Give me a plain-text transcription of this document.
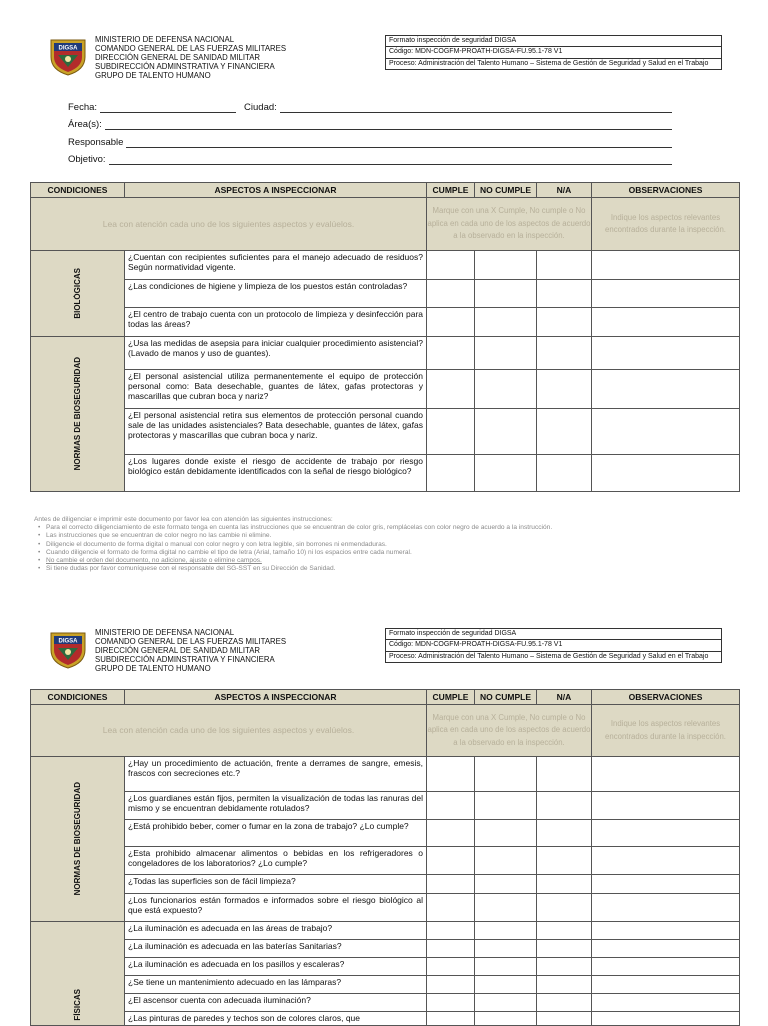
DIGSA
MINISTERIO DE DEFENSA NACIONAL
COMANDO GENERAL DE LAS FUERZAS MILITARES
DIRECCIÓN GENERAL DE SANIDAD MILITAR
SUBDIRECCIÓN ADMINSTRATIVA Y FINANCIERA
GRUPO DE TALENTO HUMANO
Formato inspección de seguridad DIGSA
Código: MDN-COGFM-PROATH-DIGSA-FU.95.1-78 V1
Proceso: Administración del Talento Humano – Sistema de Gestión de Seguridad y Salud en el Trabajo
Fecha:	Ciudad:
Área(s):
Responsable
Objetivo:
CONDICIONES	ASPECTOS A INSPECCIONAR	CUMPLE	NO CUMPLE	N/A	OBSERVACIONES
Lea con atención cada uno de los siguientes aspectos y evalúelos.		Marque con una X Cumple, No cumple o No aplica en cada uno de los aspectos de acuerdo a la observado en la inspección.			Indique los aspectos relevantes encontrados durante la inspección.

BIOLÓGICAS	¿Cuentan con recipientes suficientes para el manejo adecuado de residuos? Según normatividad vigente.				
	¿Las condiciones de higiene y limpieza de los puestos están controladas?				
	¿El centro de trabajo cuenta con un protocolo de limpieza y desinfección para todas las áreas?				

NORMAS DE BIOSEGURIDAD	¿Usa las medidas de asepsia para iniciar cualquier procedimiento asistencial? (Lavado de manos y uso de guantes).				
	¿El personal asistencial utiliza permanentemente el equipo de protección personal como: Bata desechable, guantes de látex, gafas protectoras y mascarillas que cubran boca y nariz?				
	¿El personal asistencial retira sus elementos de protección personal cuando sale de las unidades asistenciales? Bata desechable, guantes de látex, gafas protectoras y mascarillas que cubran boca y nariz.				
	¿Los lugares donde existe el riesgo de accidente de trabajo por riesgo biológico están debidamente identificados con la señal de riesgo biológico?				
Antes de diligenciar e imprimir este documento por favor lea con atención las siguientes instrucciones:
• Para el correcto diligenciamiento de este formato tenga en cuenta las instrucciones que se encuentran de color gris, remplácelas con color negro de acuerdo a la instrucción.
• Las instrucciones que se encuentran de color negro no las cambie ni elimine.
• Diligencie el documento de forma digital o manual con color negro y con letra legible, sin borrones ni enmendaduras.
• Cuando diligencie el formato de forma digital no cambie el tipo de letra (Arial, tamaño 10) ni los espacios entre cada numeral.
• No cambie el orden del documento, no adicione, ajuste o elimine campos.
• Si tiene dudas por favor comuníquese con el responsable del SG-SST en su Dirección de Sanidad.
DIGSA
MINISTERIO DE DEFENSA NACIONAL
COMANDO GENERAL DE LAS FUERZAS MILITARES
DIRECCIÓN GENERAL DE SANIDAD MILITAR
SUBDIRECCIÓN ADMINSTRATIVA Y FINANCIERA
GRUPO DE TALENTO HUMANO
Formato inspección de seguridad DIGSA
Código: MDN-COGFM-PROATH-DIGSA-FU.95.1-78 V1
Proceso: Administración del Talento Humano – Sistema de Gestión de Seguridad y Salud en el Trabajo
CONDICIONES	ASPECTOS A INSPECCIONAR	CUMPLE	NO CUMPLE	N/A	OBSERVACIONES
Lea con atención cada uno de los siguientes aspectos y evalúelos.		Marque con una X Cumple, No cumple o No aplica en cada uno de los aspectos de acuerdo a la observado en la inspección.			Indique los aspectos relevantes encontrados durante la inspección.

NORMAS DE BIOSEGURIDAD	¿Hay un procedimiento de actuación, frente a derrames de sangre, emesis, frascos con secreciones etc.?				
	¿Los guardianes están fijos, permiten la visualización de todas las ranuras del mismo y se encuentran debidamente rotulados?				
	¿Está prohibido beber, comer o fumar en la zona de trabajo? ¿Lo cumple?				
	¿Esta prohibido almacenar alimentos o bebidas en los refrigeradores o congeladores de los laboratorios? ¿Lo cumple?				
	¿Todas las superficies son de fácil limpieza?				
	¿Los funcionarios están formados e informados sobre el riesgo biológico al que está expuesto?				

FÍSICAS	¿La iluminación es adecuada en las áreas de trabajo?				
	¿La iluminación es adecuada en las baterías Sanitarias?				
	¿La iluminación es adecuada en los pasillos y escaleras?				
	¿Se tiene un mantenimiento adecuado en las lámparas?				
	¿El ascensor cuenta con adecuada iluminación?				
	¿Las pinturas de paredes y techos son de colores claros, que				
